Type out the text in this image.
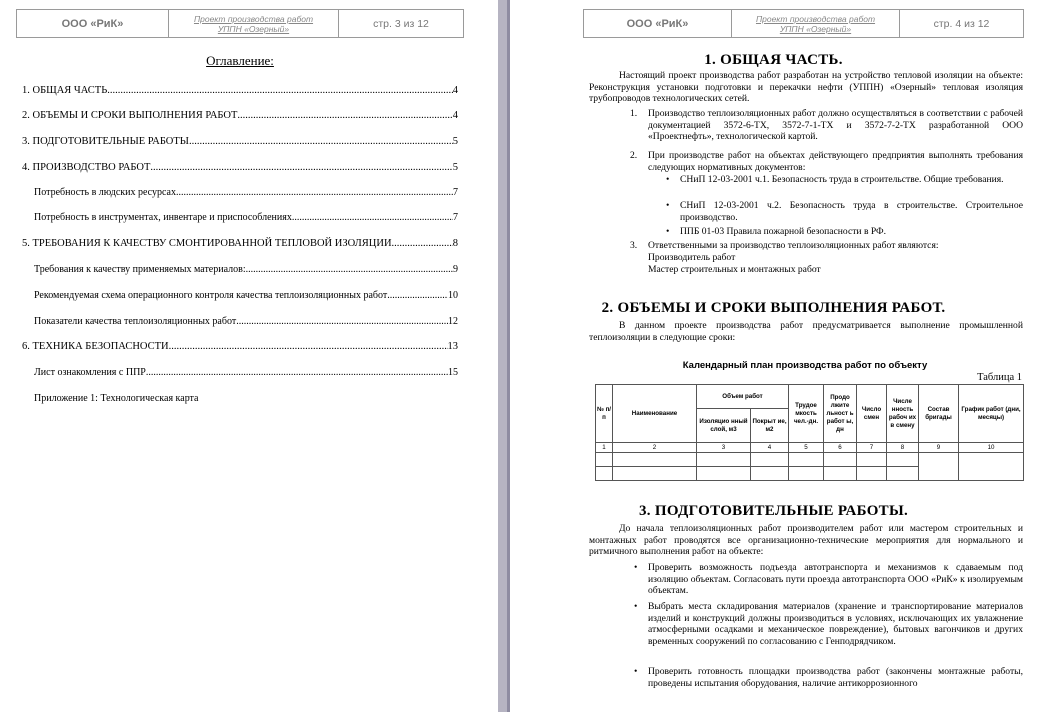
ООО «РиК»	Проект производства работ
УППН «Озерный»	стр. 3 из 12
Оглавление:
1. ОБЩАЯ ЧАСТЬ .....	4
2. ОБЪЕМЫ И СРОКИ ВЫПОЛНЕНИЯ РАБОТ .....	4
3. ПОДГОТОВИТЕЛЬНЫЕ РАБОТЫ .....	5
4. ПРОИЗВОДСТВО РАБОТ .....	5
Потребность в людских ресурсах .....	7
Потребность в инструментах, инвентаре и приспособлениях .....	7
5. ТРЕБОВАНИЯ К КАЧЕСТВУ СМОНТИРОВАННОЙ ТЕПЛОВОЙ ИЗОЛЯЦИИ. .....	8
Требования к качеству применяемых материалов: .....	9
Рекомендуемая схема операционного контроля качества теплоизоляционных работ .....	10
Показатели качества теплоизоляционных работ .....	12
6. ТЕХНИКА БЕЗОПАСНОСТИ .....	13
Лист ознакомления с ППР .....	15
Приложение 1: Технологическая карта
ООО «РиК»	Проект производства работ
УППН «Озерный»	стр. 4 из 12
1. ОБЩАЯ ЧАСТЬ.
Настоящий проект производства работ разработан на устройство тепловой изоляции на объекте: Реконструкция установки подготовки и перекачки нефти (УППН) «Озерный» тепловая изоляция трубопроводов технологических сетей.
1. Производство теплоизоляционных работ должно осуществляться в соответствии с рабочей документацией 3572-6-ТХ, 3572-7-1-ТХ и 3572-7-2-ТХ разработанной ООО «Проектнефть», технологической картой.
2. При производстве работ на объектах действующего предприятия выполнять требования следующих нормативных документов:
• СНиП 12-03-2001 ч.1. Безопасность труда в строительстве. Общие требования.
• СНиП 12-03-2001 ч.2. Безопасность труда в строительстве. Строительное производство.
• ППБ 01-03 Правила пожарной безопасности в РФ.
3. Ответственными за производство теплоизоляционных работ являются:
Производитель работ
Мастер строительных и монтажных работ
2. ОБЪЕМЫ И СРОКИ ВЫПОЛНЕНИЯ РАБОТ.
В данном проекте производства работ предусматривается выполнение промышленной теплоизоляции в следующие сроки:
Календарный план производства работ по объекту
Таблица 1
№ п/ п	Наименование	Объем работ		Трудое мкость чел.-дн.	Продо лжите льност ь работ ы, дн	Число смен	Числе нность рабоч их в смену	Состав бригады	График работ (дни, месяцы)
		Изоляцио нный слой, м3	Покрыт ие, м2						
1	2	3	4	5	6	7	8	9	10

3. ПОДГОТОВИТЕЛЬНЫЕ РАБОТЫ.
До начала теплоизоляционных работ производителем работ или мастером строительных и монтажных работ проводятся все организационно-технические мероприятия для нормального и ритмичного выполнения работ на объекте:
• Проверить возможность подъезда автотранспорта и механизмов к сдаваемым под изоляцию объектам. Согласовать пути проезда автотранспорта ООО «РиК» к изолируемым объектам.
• Выбрать места складирования материалов (хранение и транспортирование материалов изделий и конструкций должны производиться в условиях, исключающих их увлажнение атмосферными осадками и механическое повреждение), бытовых вагончиков и других временных сооружений по согласованию с Генподрядчиком.
• Проверить готовность площадки производства работ (закончены монтажные работы, проведены испытания оборудования, наличие антикоррозионного
